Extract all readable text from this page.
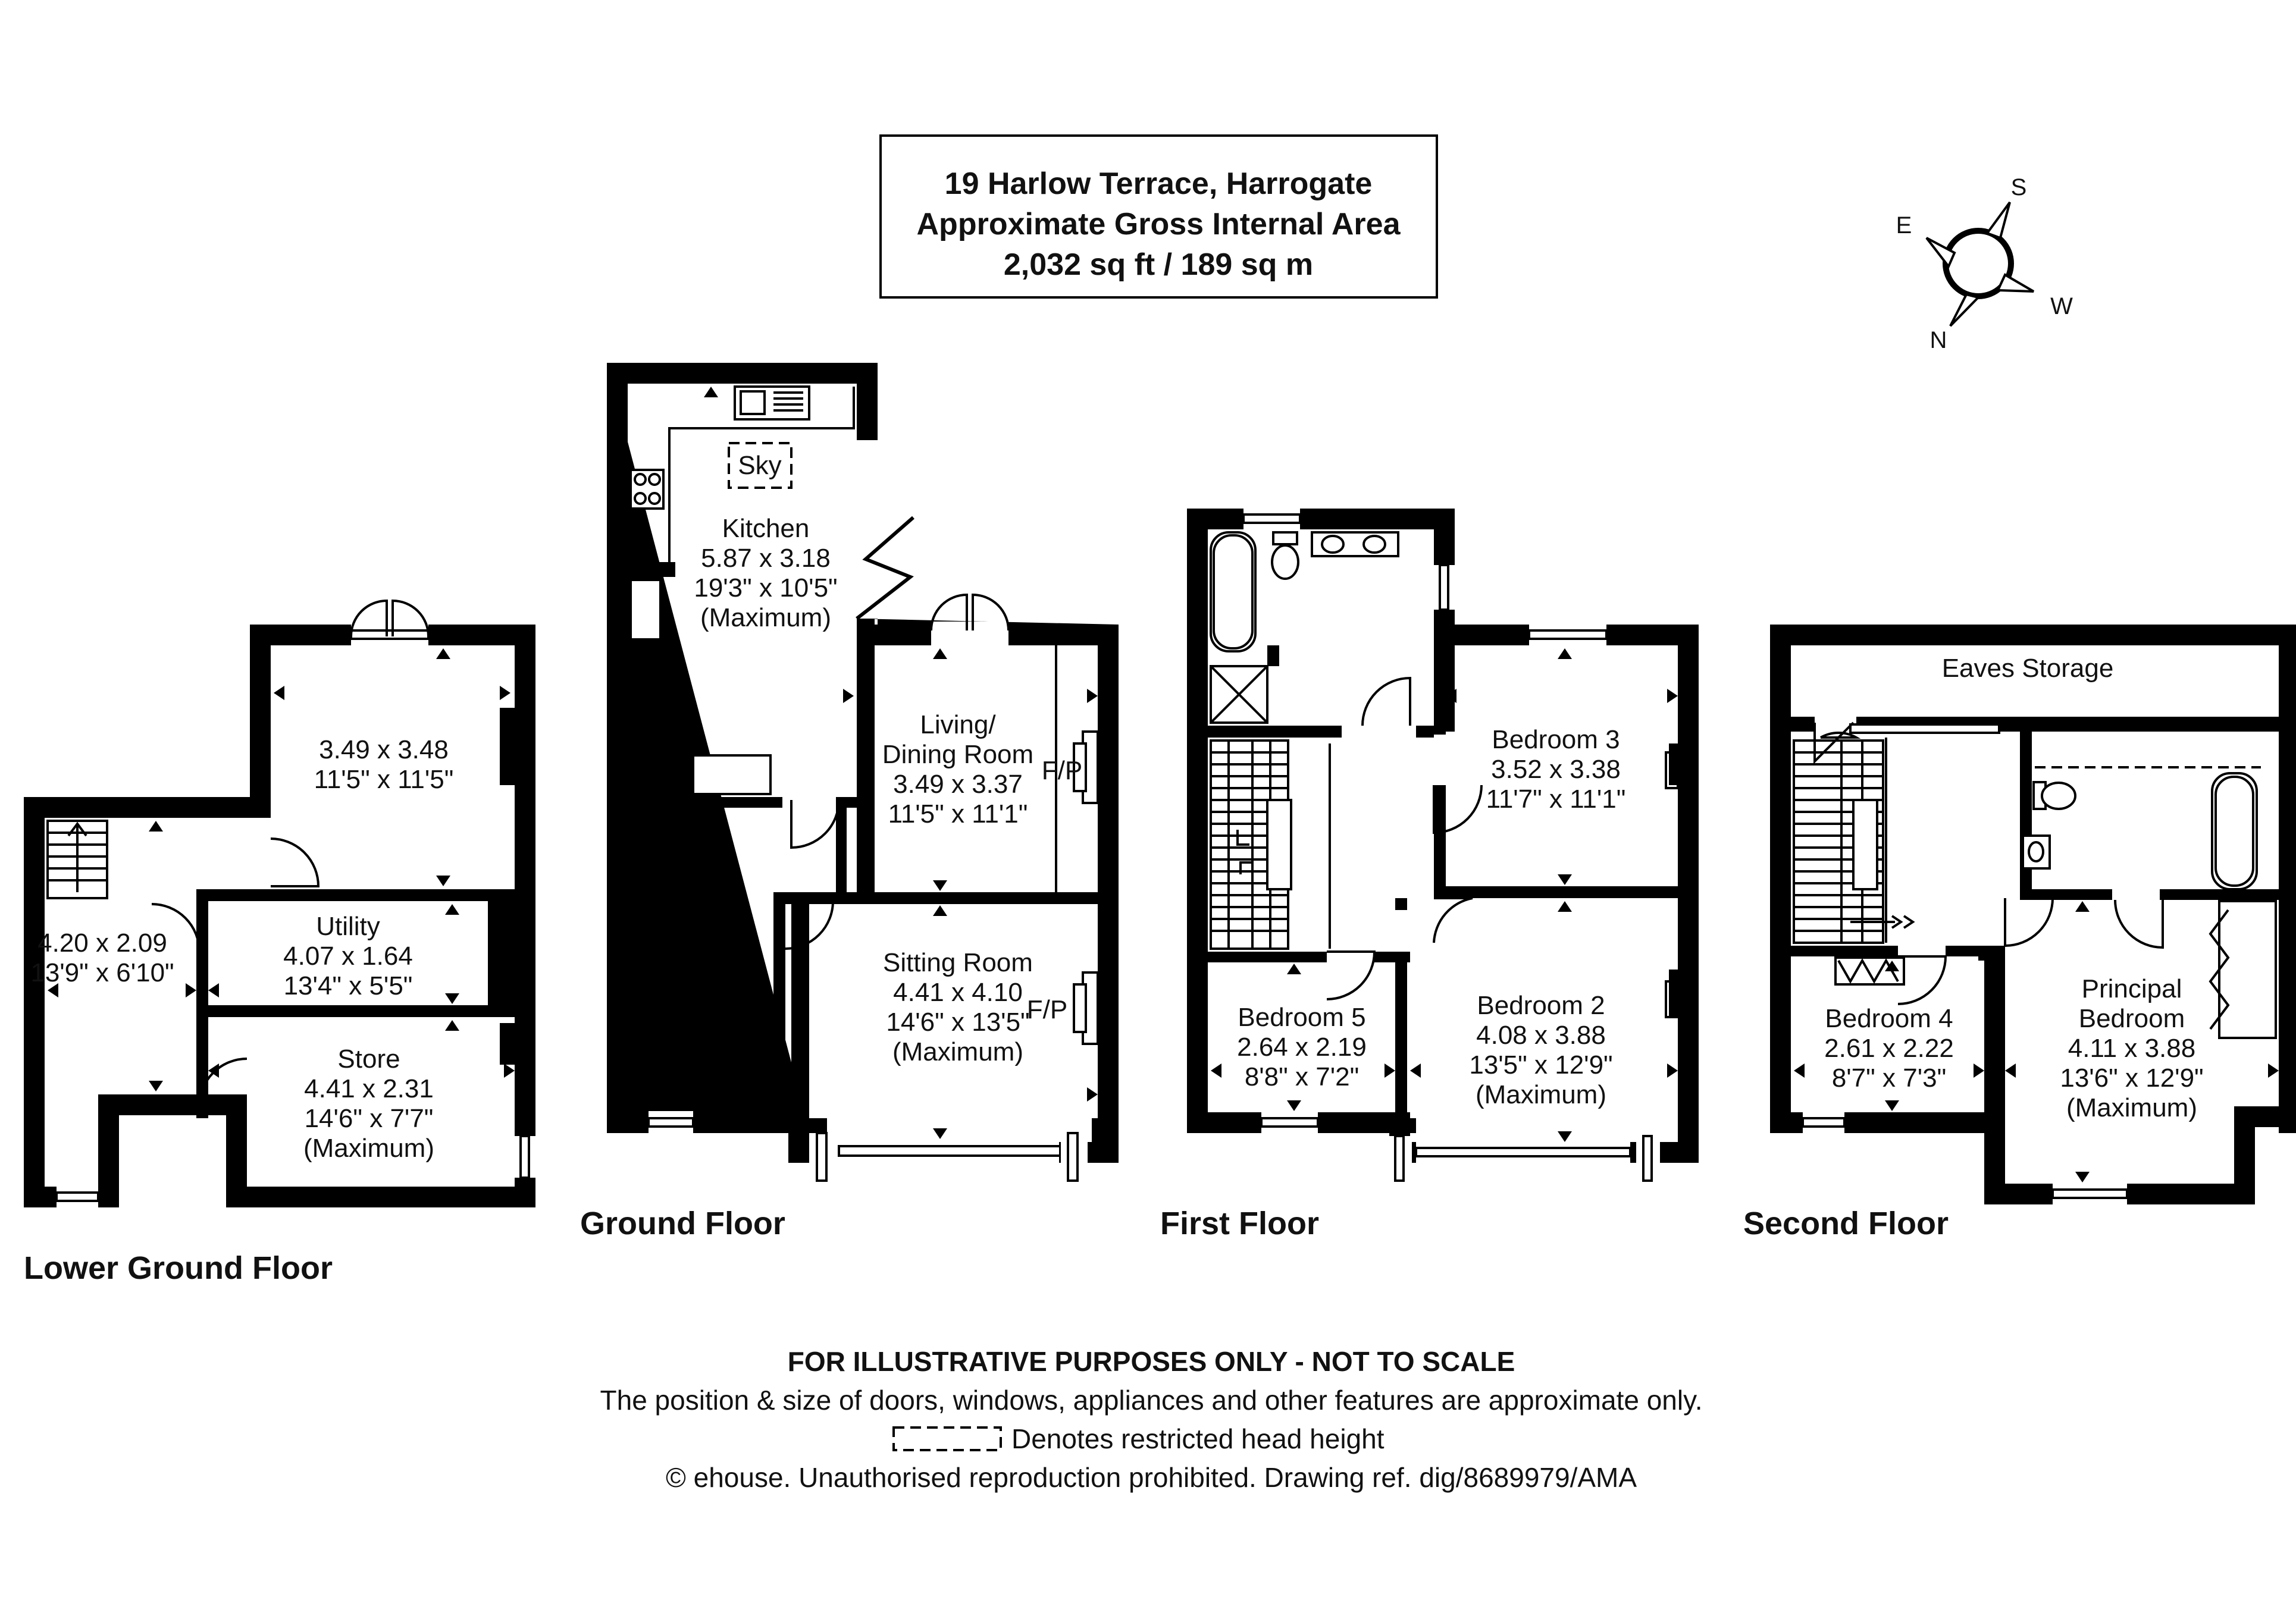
19 Harlow Terrace, Harrogate
Approximate Gross Internal Area
2,032 sq ft / 189 sq m
S
E
W
N
3.49 x 3.48
11'5" x 11'5"
4.20 x 2.09
13'9" x 6'10"
Utility
4.07 x 1.64
13'4" x 5'5"
Store
4.41 x 2.31
14'6" x 7'7"
(Maximum)
Lower Ground Floor
Sky
F/P
F/P
Kitchen
5.87 x 3.18
19'3" x 10'5"
(Maximum)
Living/
Dining Room
3.49 x 3.37
11'5" x 11'1"
Sitting Room
4.41 x 4.10
14'6" x 13'5"
(Maximum)
Ground Floor
Bedroom 3
3.52 x 3.38
11'7" x 11'1"
Bedroom 2
4.08 x 3.88
13'5" x 12'9"
(Maximum)
Bedroom 5
2.64 x 2.19
8'8" x 7'2"
First Floor
Eaves Storage
Bedroom 4
2.61 x 2.22
8'7" x 7'3"
Principal
Bedroom
4.11 x 3.88
13'6" x 12'9"
(Maximum)
Second Floor
FOR ILLUSTRATIVE PURPOSES ONLY - NOT TO SCALE
The position & size of doors, windows, appliances and other features are approximate only.
Denotes restricted head height
© ehouse. Unauthorised reproduction prohibited. Drawing ref. dig/8689979/AMA
